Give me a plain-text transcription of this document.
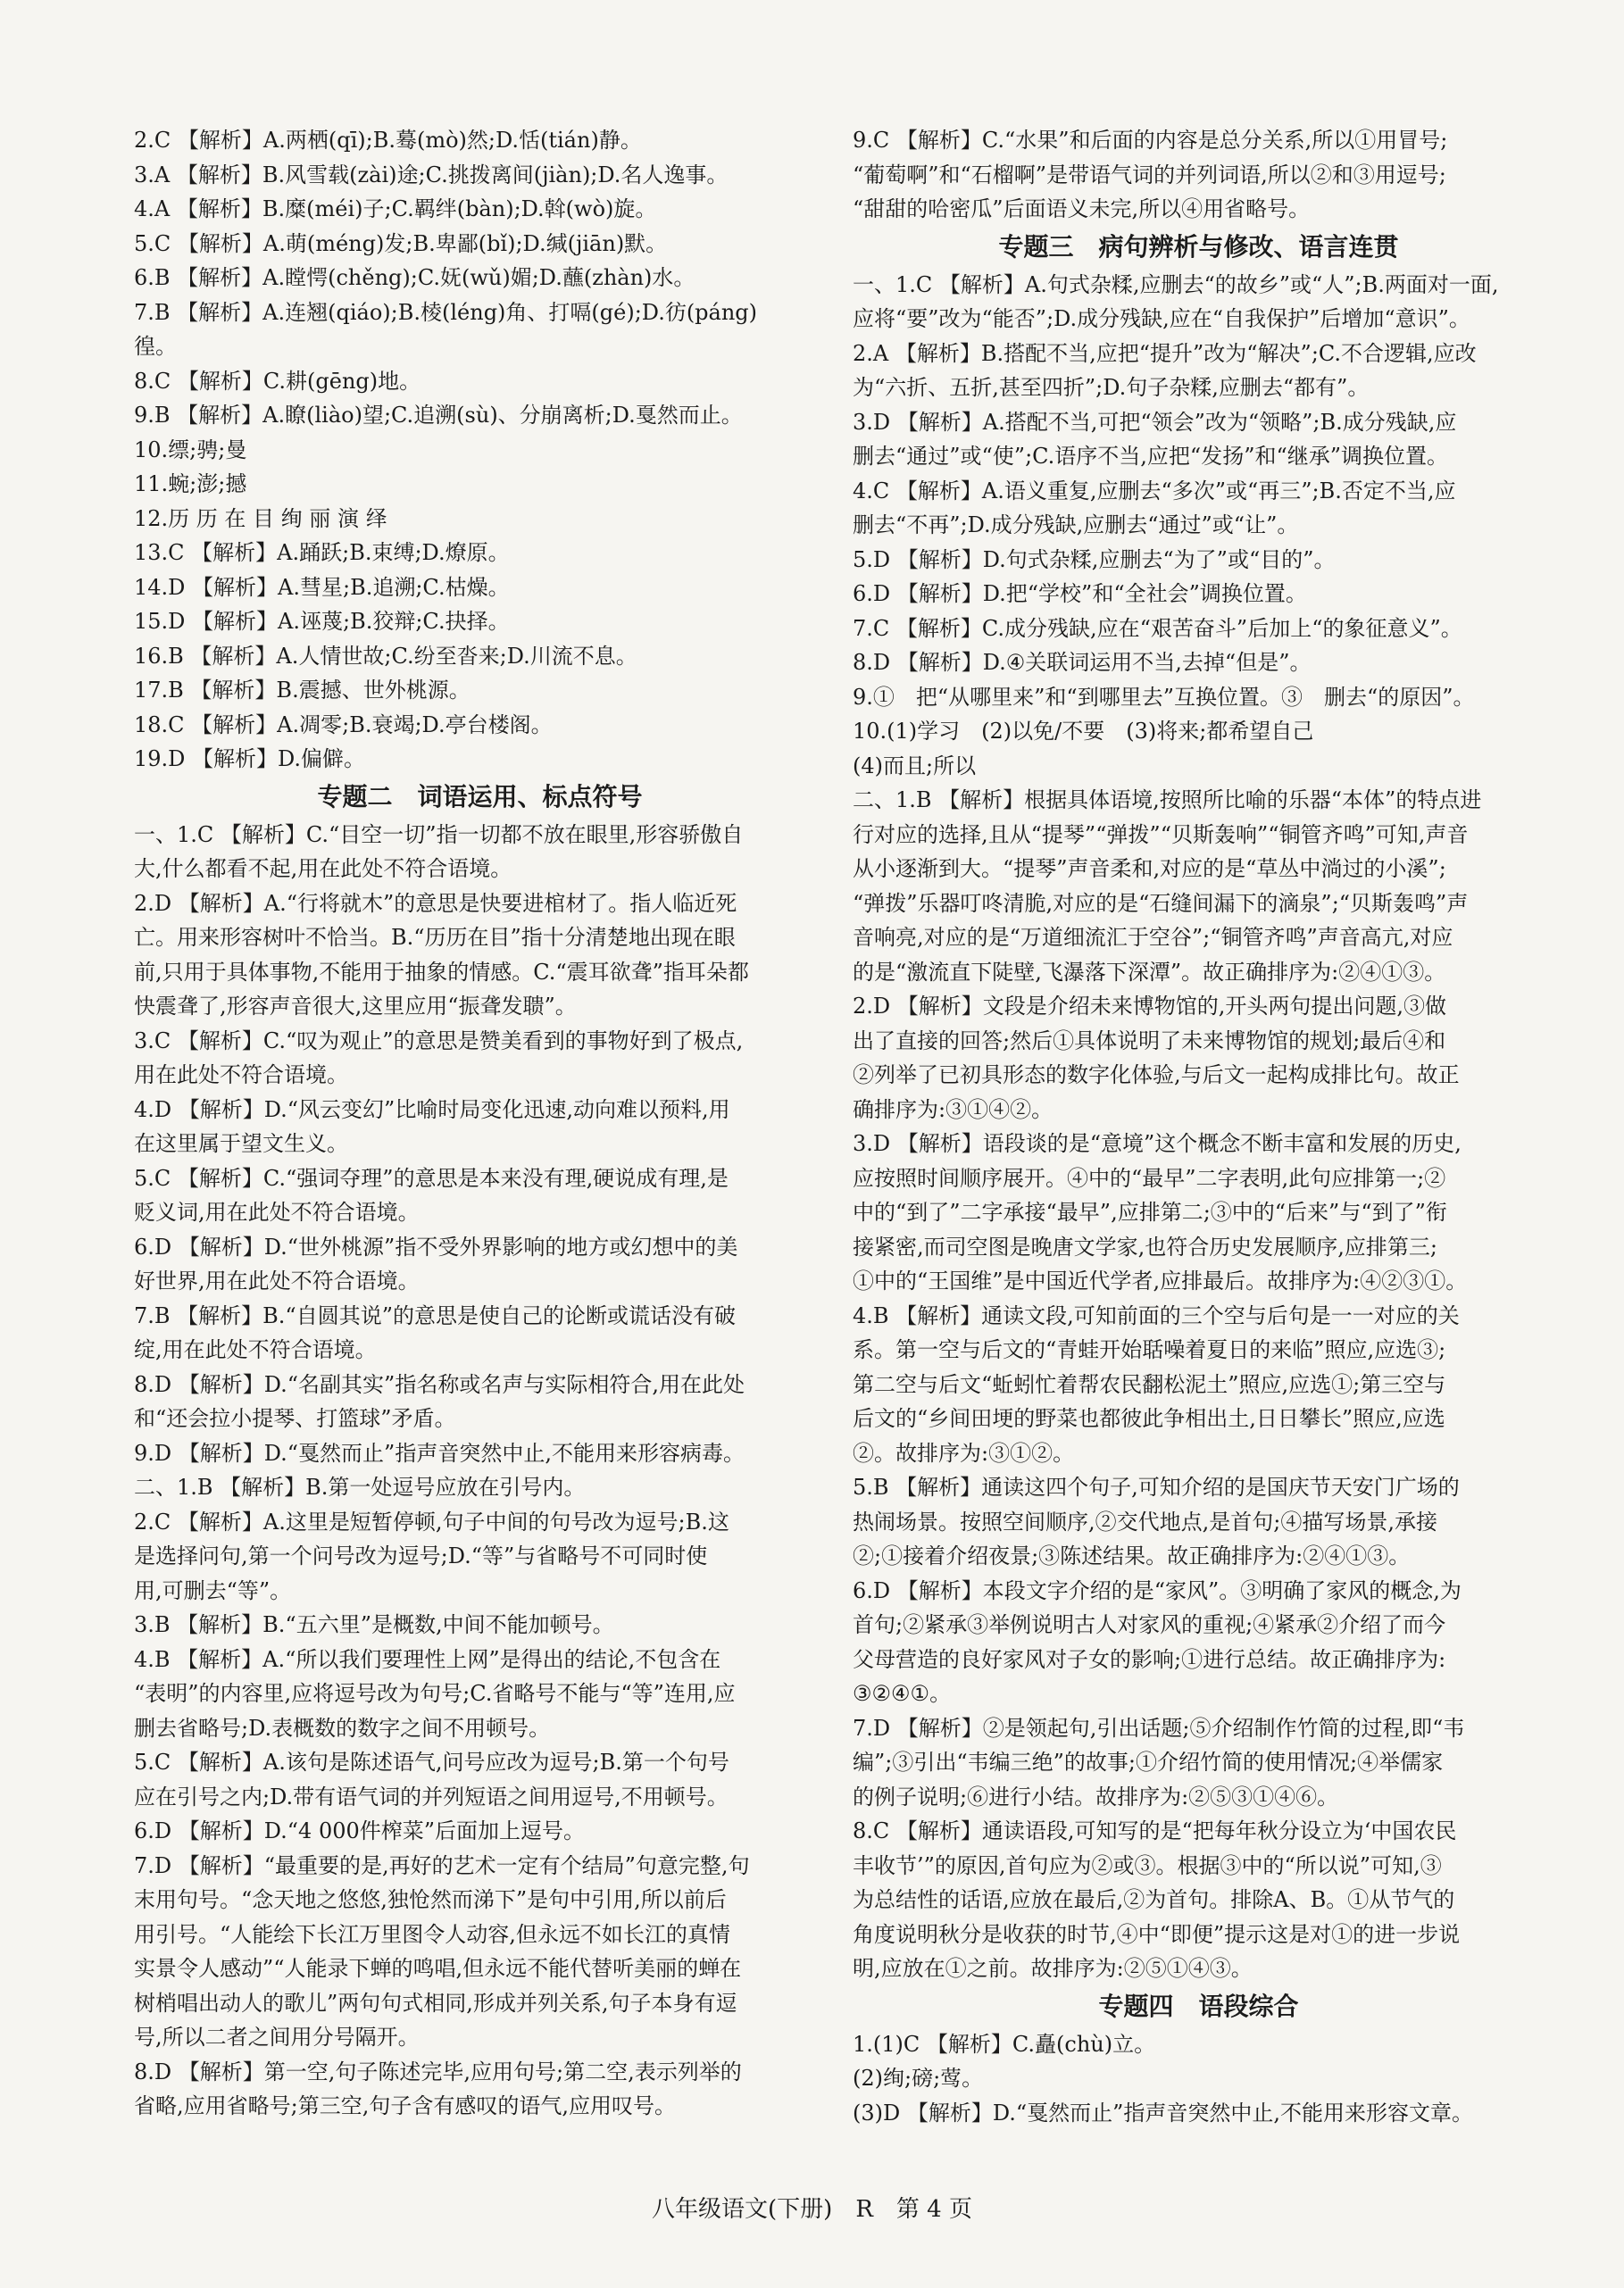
2.C 【解析】A.两栖(qī);B.蓦(mò)然;D.恬(tián)静。
3.A 【解析】B.风雪载(zài)途;C.挑拨离间(jiàn);D.名人逸事。
4.A 【解析】B.糜(méi)子;C.羁绊(bàn);D.斡(wò)旋。
5.C 【解析】A.萌(méng)发;B.卑鄙(bǐ);D.缄(jiān)默。
6.B 【解析】A.瞠愕(chěng);C.妩(wǔ)媚;D.蘸(zhàn)水。
7.B 【解析】A.连翘(qiáo);B.棱(léng)角、打嗝(gé);D.彷(páng)
徨。
8.C 【解析】C.耕(gēng)地。
9.B 【解析】A.瞭(liào)望;C.追溯(sù)、分崩离析;D.戛然而止。
10.缥;骋;曼
11.蜿;澎;撼
12.历 历 在 目 绚 丽 演 绎
13.C 【解析】A.踊跃;B.束缚;D.燎原。
14.D 【解析】A.彗星;B.追溯;C.枯燥。
15.D 【解析】A.诬蔑;B.狡辩;C.抉择。
16.B 【解析】A.人情世故;C.纷至沓来;D.川流不息。
17.B 【解析】B.震撼、世外桃源。
18.C 【解析】A.凋零;B.衰竭;D.亭台楼阁。
19.D 【解析】D.偏僻。
专题二　词语运用、标点符号
一、1.C 【解析】C.“目空一切”指一切都不放在眼里,形容骄傲自
大,什么都看不起,用在此处不符合语境。
2.D 【解析】A.“行将就木”的意思是快要进棺材了。指人临近死
亡。用来形容树叶不恰当。B.“历历在目”指十分清楚地出现在眼
前,只用于具体事物,不能用于抽象的情感。C.“震耳欲聋”指耳朵都
快震聋了,形容声音很大,这里应用“振聋发聩”。
3.C 【解析】C.“叹为观止”的意思是赞美看到的事物好到了极点,
用在此处不符合语境。
4.D 【解析】D.“风云变幻”比喻时局变化迅速,动向难以预料,用
在这里属于望文生义。
5.C 【解析】C.“强词夺理”的意思是本来没有理,硬说成有理,是
贬义词,用在此处不符合语境。
6.D 【解析】D.“世外桃源”指不受外界影响的地方或幻想中的美
好世界,用在此处不符合语境。
7.B 【解析】B.“自圆其说”的意思是使自己的论断或谎话没有破
绽,用在此处不符合语境。
8.D 【解析】D.“名副其实”指名称或名声与实际相符合,用在此处
和“还会拉小提琴、打篮球”矛盾。
9.D 【解析】D.“戛然而止”指声音突然中止,不能用来形容病毒。
二、1.B 【解析】B.第一处逗号应放在引号内。
2.C 【解析】A.这里是短暂停顿,句子中间的句号改为逗号;B.这
是选择问句,第一个问号改为逗号;D.“等”与省略号不可同时使
用,可删去“等”。
3.B 【解析】B.“五六里”是概数,中间不能加顿号。
4.B 【解析】A.“所以我们要理性上网”是得出的结论,不包含在
“表明”的内容里,应将逗号改为句号;C.省略号不能与“等”连用,应
删去省略号;D.表概数的数字之间不用顿号。
5.C 【解析】A.该句是陈述语气,问号应改为逗号;B.第一个句号
应在引号之内;D.带有语气词的并列短语之间用逗号,不用顿号。
6.D 【解析】D.“4 000件榨菜”后面加上逗号。
7.D 【解析】“最重要的是,再好的艺术一定有个结局”句意完整,句
末用句号。“念天地之悠悠,独怆然而涕下”是句中引用,所以前后
用引号。“人能绘下长江万里图令人动容,但永远不如长江的真情
实景令人感动”“人能录下蝉的鸣唱,但永远不能代替听美丽的蝉在
树梢唱出动人的歌儿”两句句式相同,形成并列关系,句子本身有逗
号,所以二者之间用分号隔开。
8.D 【解析】第一空,句子陈述完毕,应用句号;第二空,表示列举的
省略,应用省略号;第三空,句子含有感叹的语气,应用叹号。
9.C 【解析】C.“水果”和后面的内容是总分关系,所以①用冒号;
“葡萄啊”和“石榴啊”是带语气词的并列词语,所以②和③用逗号;
“甜甜的哈密瓜”后面语义未完,所以④用省略号。
专题三　病句辨析与修改、语言连贯
一、1.C 【解析】A.句式杂糅,应删去“的故乡”或“人”;B.两面对一面,
应将“要”改为“能否”;D.成分残缺,应在“自我保护”后增加“意识”。
2.A 【解析】B.搭配不当,应把“提升”改为“解决”;C.不合逻辑,应改
为“六折、五折,甚至四折”;D.句子杂糅,应删去“都有”。
3.D 【解析】A.搭配不当,可把“领会”改为“领略”;B.成分残缺,应
删去“通过”或“使”;C.语序不当,应把“发扬”和“继承”调换位置。
4.C 【解析】A.语义重复,应删去“多次”或“再三”;B.否定不当,应
删去“不再”;D.成分残缺,应删去“通过”或“让”。
5.D 【解析】D.句式杂糅,应删去“为了”或“目的”。
6.D 【解析】D.把“学校”和“全社会”调换位置。
7.C 【解析】C.成分残缺,应在“艰苦奋斗”后加上“的象征意义”。
8.D 【解析】D.④关联词运用不当,去掉“但是”。
9.①　把“从哪里来”和“到哪里去”互换位置。③　删去“的原因”。
10.(1)学习　(2)以免/不要　(3)将来;都希望自己
(4)而且;所以
二、1.B 【解析】根据具体语境,按照所比喻的乐器“本体”的特点进
行对应的选择,且从“提琴”“弹拨”“贝斯轰响”“铜管齐鸣”可知,声音
从小逐渐到大。“提琴”声音柔和,对应的是“草丛中淌过的小溪”;
“弹拨”乐器叮咚清脆,对应的是“石缝间漏下的滴泉”;“贝斯轰鸣”声
音响亮,对应的是“万道细流汇于空谷”;“铜管齐鸣”声音高亢,对应
的是“激流直下陡壁,飞瀑落下深潭”。故正确排序为:②④①③。
2.D 【解析】文段是介绍未来博物馆的,开头两句提出问题,③做
出了直接的回答;然后①具体说明了未来博物馆的规划;最后④和
②列举了已初具形态的数字化体验,与后文一起构成排比句。故正
确排序为:③①④②。
3.D 【解析】语段谈的是“意境”这个概念不断丰富和发展的历史,
应按照时间顺序展开。④中的“最早”二字表明,此句应排第一;②
中的“到了”二字承接“最早”,应排第二;③中的“后来”与“到了”衔
接紧密,而司空图是晚唐文学家,也符合历史发展顺序,应排第三;
①中的“王国维”是中国近代学者,应排最后。故排序为:④②③①。
4.B 【解析】通读文段,可知前面的三个空与后句是一一对应的关
系。第一空与后文的“青蛙开始聒噪着夏日的来临”照应,应选③;
第二空与后文“蚯蚓忙着帮农民翻松泥土”照应,应选①;第三空与
后文的“乡间田埂的野菜也都彼此争相出土,日日攀长”照应,应选
②。故排序为:③①②。
5.B 【解析】通读这四个句子,可知介绍的是国庆节天安门广场的
热闹场景。按照空间顺序,②交代地点,是首句;④描写场景,承接
②;①接着介绍夜景;③陈述结果。故正确排序为:②④①③。
6.D 【解析】本段文字介绍的是“家风”。③明确了家风的概念,为
首句;②紧承③举例说明古人对家风的重视;④紧承②介绍了而今
父母营造的良好家风对子女的影响;①进行总结。故正确排序为:
③②④①。
7.D 【解析】②是领起句,引出话题;⑤介绍制作竹简的过程,即“韦
编”;③引出“韦编三绝”的故事;①介绍竹简的使用情况;④举儒家
的例子说明;⑥进行小结。故排序为:②⑤③①④⑥。
8.C 【解析】通读语段,可知写的是“把每年秋分设立为‘中国农民
丰收节’”的原因,首句应为②或③。根据③中的“所以说”可知,③
为总结性的话语,应放在最后,②为首句。排除A、B。①从节气的
角度说明秋分是收获的时节,④中“即便”提示这是对①的进一步说
明,应放在①之前。故排序为:②⑤①④③。
专题四　语段综合
1.(1)C 【解析】C.矗(chù)立。
(2)绚;磅;莺。
(3)D 【解析】D.“戛然而止”指声音突然中止,不能用来形容文章。
八年级语文(下册)　R　第 4 页
